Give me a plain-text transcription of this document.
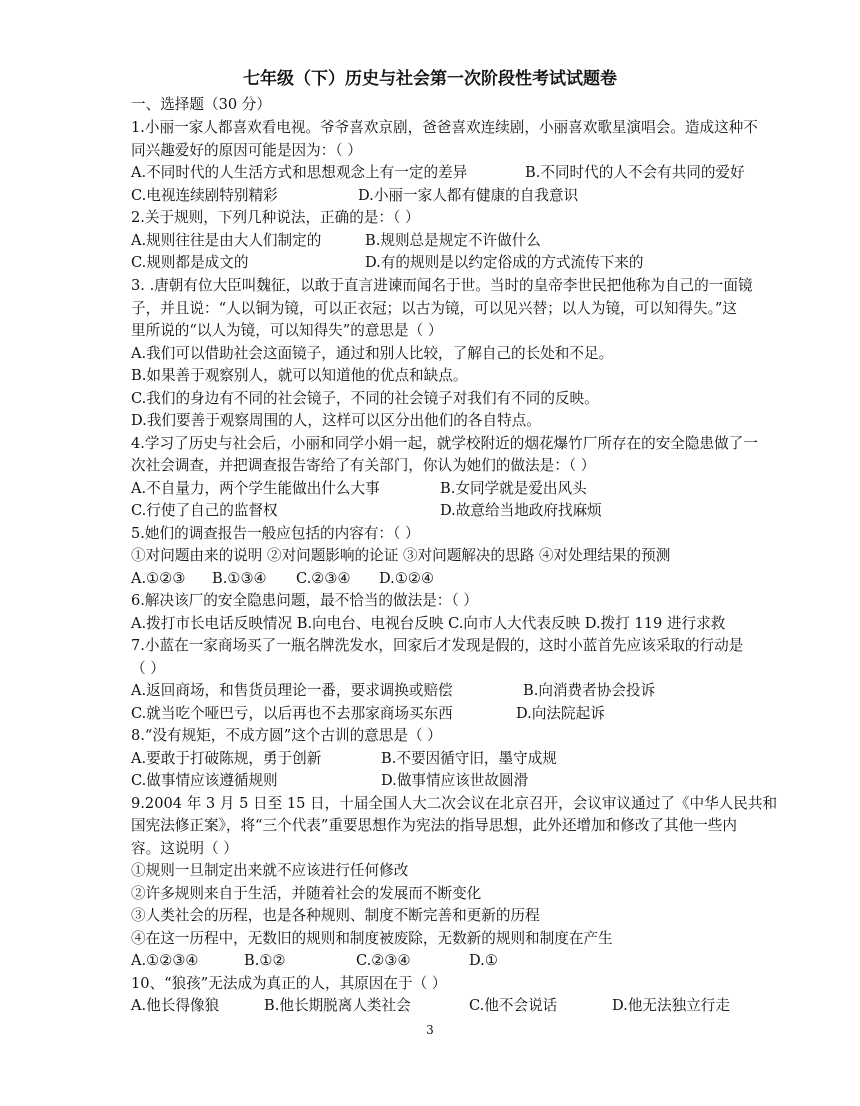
七年级（下）历史与社会第一次阶段性考试试题卷
一、选择题（30 分）
1.小丽一家人都喜欢看电视。爷爷喜欢京剧，爸爸喜欢连续剧，小丽喜欢歌星演唱会。造成这种不
同兴趣爱好的原因可能是因为：（ ）
A.不同时代的人生活方式和思想观念上有一定的差异	B.不同时代的人不会有共同的爱好
C.电视连续剧特别精彩	D.小丽一家人都有健康的自我意识
2.关于规则，下列几种说法，正确的是：（ ）
A.规则往往是由大人们制定的	B.规则总是规定不许做什么
C.规则都是成文的	D.有的规则是以约定俗成的方式流传下来的
3. .唐朝有位大臣叫魏征，以敢于直言进谏而闻名于世。当时的皇帝李世民把他称为自己的一面镜
子，并且说：“人以铜为镜，可以正衣冠；以古为镜，可以见兴替；以人为镜，可以知得失。”这
里所说的“以人为镜，可以知得失”的意思是（ ）
A.我们可以借助社会这面镜子，通过和别人比较，了解自己的长处和不足。
B.如果善于观察别人，就可以知道他的优点和缺点。
C.我们的身边有不同的社会镜子，不同的社会镜子对我们有不同的反映。
D.我们要善于观察周围的人，这样可以区分出他们的各自特点。
4.学习了历史与社会后，小丽和同学小娟一起，就学校附近的烟花爆竹厂所存在的安全隐患做了一
次社会调查，并把调查报告寄给了有关部门，你认为她们的做法是：（ ）
A.不自量力，两个学生能做出什么大事	B.女同学就是爱出风头
C.行使了自己的监督权	D.故意给当地政府找麻烦
5.她们的调查报告一般应包括的内容有：（ ）
①对问题由来的说明 ②对问题影响的论证 ③对问题解决的思路 ④对处理结果的预测
A.①②③ B.①③④ C.②③④ D.①②④
6.解决该厂的安全隐患问题，最不恰当的做法是：（ ）
A.拨打市长电话反映情况 B.向电台、电视台反映 C.向市人大代表反映 D.拨打 119 进行求救
7.小蓝在一家商场买了一瓶名牌洗发水，回家后才发现是假的，这时小蓝首先应该采取的行动是
（ ）
A.返回商场，和售货员理论一番，要求调换或赔偿	B.向消费者协会投诉
C.就当吃个哑巴亏，以后再也不去那家商场买东西	D.向法院起诉
8.“没有规矩，不成方圆”这个古训的意思是（ ）
A.要敢于打破陈规，勇于创新	B.不要因循守旧，墨守成规
C.做事情应该遵循规则	D.做事情应该世故圆滑
9.2004 年 3 月 5 日至 15 日，十届全国人大二次会议在北京召开，会议审议通过了《中华人民共和
国宪法修正案》，将“三个代表”重要思想作为宪法的指导思想，此外还增加和修改了其他一些内
容。这说明（ ）
①规则一旦制定出来就不应该进行任何修改
②许多规则来自于生活，并随着社会的发展而不断变化
③人类社会的历程，也是各种规则、制度不断完善和更新的历程
④在这一历程中，无数旧的规则和制度被废除，无数新的规则和制度在产生
A.①②③④	B.①②	C.②③④	D.①
10、“狼孩”无法成为真正的人，其原因在于（ ）
A.他长得像狼	B.他长期脱离人类社会	C.他不会说话	D.他无法独立行走
3
